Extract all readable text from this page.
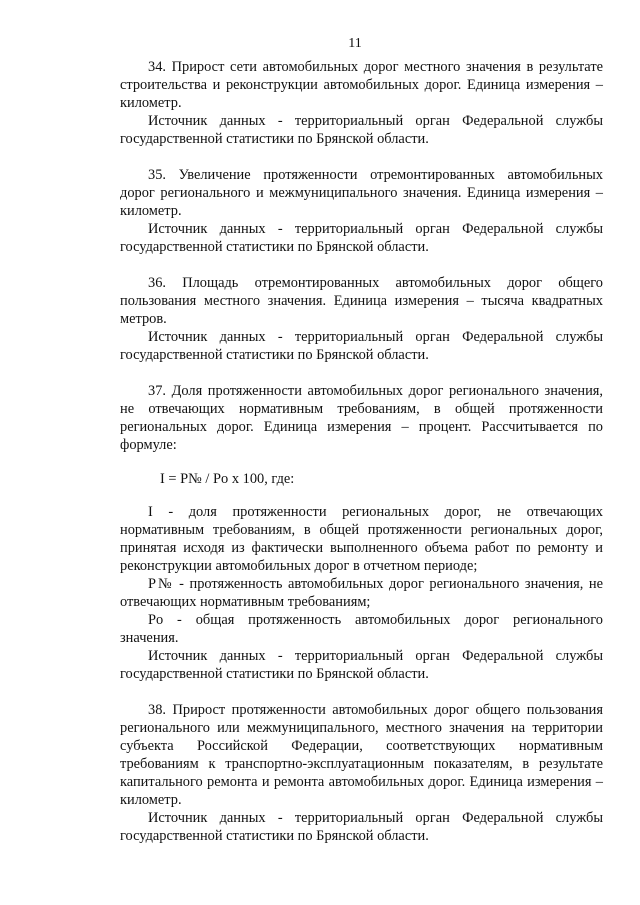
11

34. Прирост сети автомобильных дорог местного значения в результате строительства и реконструкции автомобильных дорог. Единица измерения – километр.

Источник данных - территориальный орган Федеральной службы государственной статистики по Брянской области.

35. Увеличение протяженности отремонтированных автомобильных дорог регионального и межмуниципального значения. Единица измерения – километр.

Источник данных - территориальный орган Федеральной службы государственной статистики по Брянской области.

36. Площадь отремонтированных автомобильных дорог общего пользования местного значения. Единица измерения – тысяча квадратных метров.

Источник данных - территориальный орган Федеральной службы государственной статистики по Брянской области.

37. Доля протяженности автомобильных дорог регионального значения, не отвечающих нормативным требованиям, в общей протяженности региональных дорог. Единица измерения – процент. Рассчитывается по формуле:

I = P№ / Po x 100, где:

I - доля протяженности региональных дорог, не отвечающих нормативным требованиям, в общей протяженности региональных дорог, принятая исходя из фактически выполненного объема работ по ремонту и реконструкции автомобильных дорог в отчетном периоде;

P№ - протяженность автомобильных дорог регионального значения, не отвечающих нормативным требованиям;

Po - общая протяженность автомобильных дорог регионального значения.

Источник данных - территориальный орган Федеральной службы государственной статистики по Брянской области.

38. Прирост протяженности автомобильных дорог общего пользования регионального или межмуниципального, местного значения на территории субъекта Российской Федерации, соответствующих нормативным требованиям к транспортно-эксплуатационным показателям, в результате капитального ремонта и ремонта автомобильных дорог. Единица измерения – километр.

Источник данных - территориальный орган Федеральной службы государственной статистики по Брянской области.
